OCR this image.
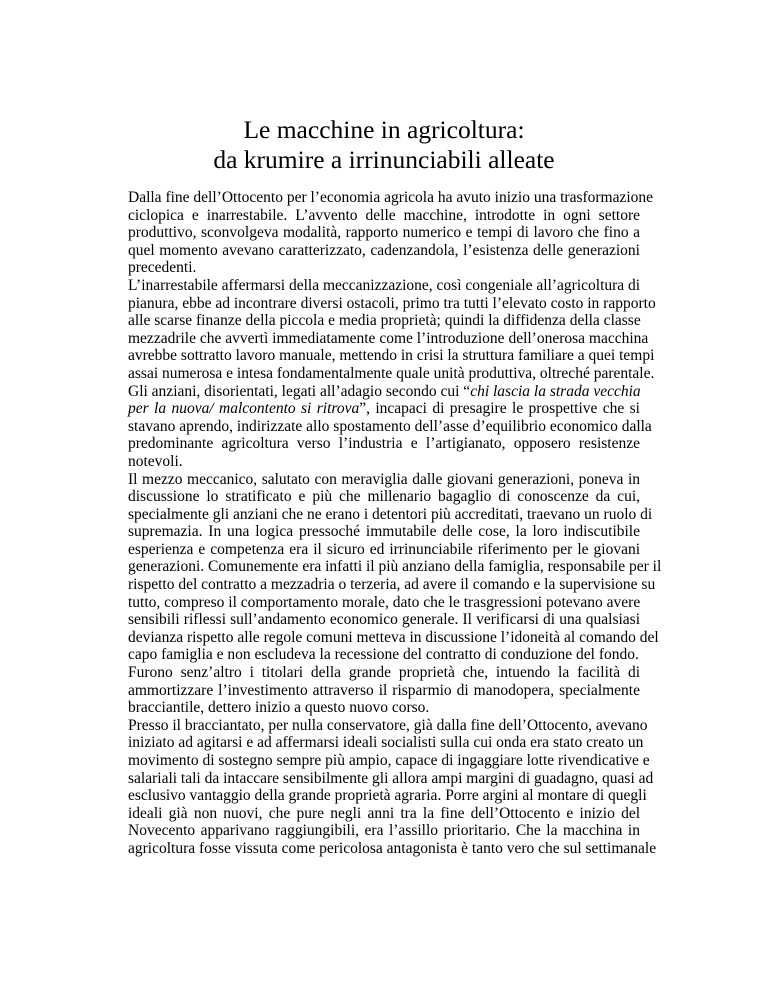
Le macchine in agricoltura:
da krumire a irrinunciabili alleate

Dalla fine dell’Ottocento per l’economia agricola ha avuto inizio una trasformazione
ciclopica e inarrestabile. L’avvento delle macchine, introdotte in ogni settore
produttivo, sconvolgeva modalità, rapporto numerico e tempi di lavoro che fino a
quel momento avevano caratterizzato, cadenzandola, l’esistenza delle generazioni
precedenti.

L’inarrestabile affermarsi della meccanizzazione, così congeniale all’agricoltura di
pianura, ebbe ad incontrare diversi ostacoli, primo tra tutti l’elevato costo in rapporto
alle scarse finanze della piccola e media proprietà; quindi la diffidenza della classe
mezzadrile che avvertì immediatamente come l’introduzione dell’onerosa macchina
avrebbe sottratto lavoro manuale, mettendo in crisi la struttura familiare a quei tempi
assai numerosa e intesa fondamentalmente quale unità produttiva, oltreché parentale.

Gli anziani, disorientati, legati all’adagio secondo cui “chi lascia la strada vecchia
per la nuova/ malcontento si ritrova”, incapaci di presagire le prospettive che si
stavano aprendo, indirizzate allo spostamento dell’asse d’equilibrio economico dalla
predominante agricoltura verso l’industria e l’artigianato, opposero resistenze
notevoli.

Il mezzo meccanico, salutato con meraviglia dalle giovani generazioni, poneva in
discussione lo stratificato e più che millenario bagaglio di conoscenze da cui,
specialmente gli anziani che ne erano i detentori più accreditati, traevano un ruolo di
supremazia. In una logica pressoché immutabile delle cose, la loro indiscutibile
esperienza e competenza era il sicuro ed irrinunciabile riferimento per le giovani
generazioni. Comunemente era infatti il più anziano della famiglia, responsabile per il
rispetto del contratto a mezzadria o terzeria, ad avere il comando e la supervisione su
tutto, compreso il comportamento morale, dato che le trasgressioni potevano avere
sensibili riflessi sull’andamento economico generale. Il verificarsi di una qualsiasi
devianza rispetto alle regole comuni metteva in discussione l’idoneità al comando del
capo famiglia e non escludeva la recessione del contratto di conduzione del fondo.

Furono senz’altro i titolari della grande proprietà che, intuendo la facilità di
ammortizzare l’investimento attraverso il risparmio di manodopera, specialmente
bracciantile, dettero inizio a questo nuovo corso.

Presso il bracciantato, per nulla conservatore, già dalla fine dell’Ottocento, avevano
iniziato ad agitarsi e ad affermarsi ideali socialisti sulla cui onda era stato creato un
movimento di sostegno sempre più ampio, capace di ingaggiare lotte rivendicative e
salariali tali da intaccare sensibilmente gli allora ampi margini di guadagno, quasi ad
esclusivo vantaggio della grande proprietà agraria. Porre argini al montare di quegli
ideali già non nuovi, che pure negli anni tra la fine dell’Ottocento e inizio del
Novecento apparivano raggiungibili, era l’assillo prioritario. Che la macchina in
agricoltura fosse vissuta come pericolosa antagonista è tanto vero che sul settimanale
